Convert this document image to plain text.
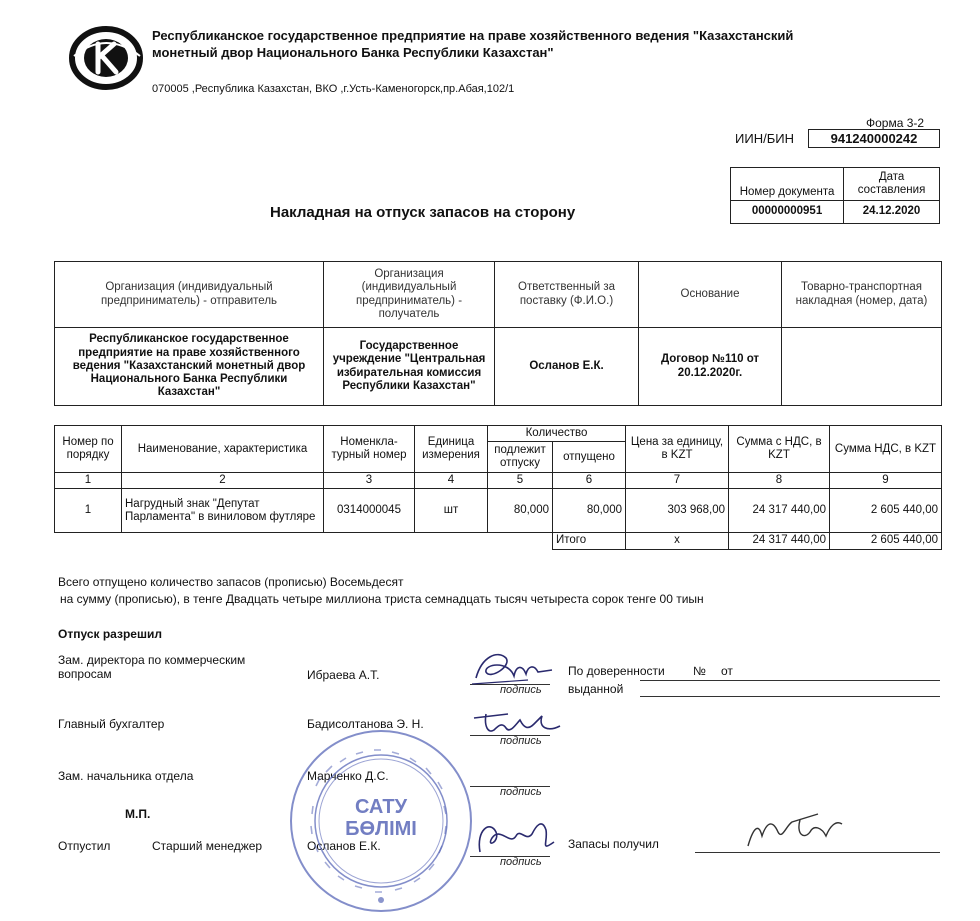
Республиканское государственное предприятие на праве хозяйственного ведения "Казахстанский
монетный двор Национального Банка Республики Казахстан"
070005 ,Республика Казахстан, ВКО ,г.Усть-Каменогорск,пр.Абая,102/1
Форма 3-2
ИИН/БИН	941240000242
Номер документа	Дата
составления
00000000951	24.12.2020
Накладная на отпуск запасов на сторону
Организация (индивидуальный предприниматель) - отправитель	Организация (индивидуальный предприниматель) - получатель	Ответственный за поставку (Ф.И.О.)	Основание	Товарно-транспортная накладная (номер, дата)
Республиканское государственное предприятие на праве хозяйственного ведения "Казахстанский монетный двор Национального Банка Республики Казахстан"	Государственное учреждение "Центральная избирательная комиссия Республики Казахстан"	Осланов Е.К.	Договор №110 от 20.12.2020г.	
Номер по порядку	Наименование, характеристика	Номенкла-турный номер	Единица измерения	Количество		Цена за единицу, в KZT	Сумма с НДС, в KZT	Сумма НДС, в KZT
				подлежит отпуску	отпущено			
1	2	3	4	5	6	7	8	9
1	Нагрудный знак "Депутат Парламента" в виниловом футляре	0314000045	шт	80,000	80,000	303 968,00	24 317 440,00	2 605 440,00
					Итого	x	24 317 440,00	2 605 440,00
Всего отпущено количество запасов (прописью) Восемьдесят
на сумму (прописью), в тенге Двадцать четыре миллиона триста семнадцать тысяч четыреста сорок тенге 00 тиын
Отпуск разрешил
Зам. директора по коммерческим
вопросам	Ибраева А.Т.
подпись
По доверенности № от
выданной
Главный бухгалтер	Бадисолтанова Э. Н.
подпись
Зам. начальника отдела	Марченко Д.С.
подпись
М.П.
Отпустил	Старший менеджер	Осланов Е.К.
подпись
Запасы получил
САТУ
БӨЛІМІ
